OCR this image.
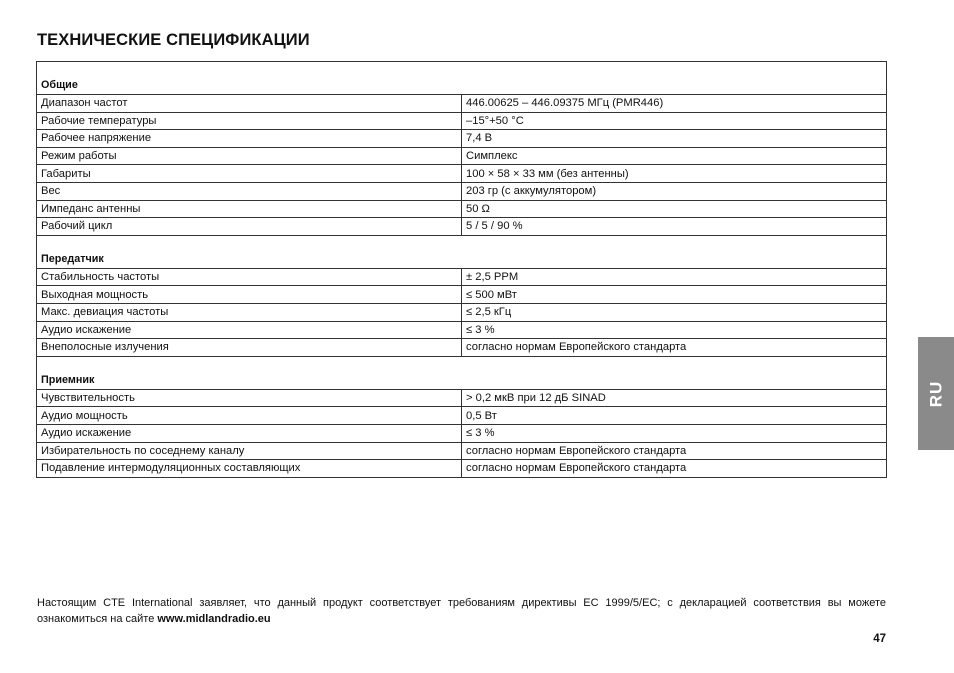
ТЕХНИЧЕСКИЕ СПЕЦИФИКАЦИИ
Общие	
Диапазон частот	446.00625 – 446.09375 МГц (PMR446)
Рабочие температуры	–15°+50 °C
Рабочее напряжение	7,4 В
Режим работы	Симплекс
Габариты	100 × 58 × 33 мм (без антенны)
Вес	203 гр (с аккумулятором)
Импеданс антенны	50 Ω
Рабочий цикл	5 / 5 / 90 %
Передатчик	
Стабильность частоты	± 2,5 PPM
Выходная мощность	≤ 500 мВт
Макс. девиация частоты	≤ 2,5 кГц
Аудио искажение	≤ 3 %
Внеполосные излучения	согласно нормам Европейского стандарта
Приемник	
Чувствительность	> 0,2 мкВ при 12 дБ SINAD
Аудио мощность	0,5 Вт
Аудио искажение	≤ 3 %
Избирательность по соседнему каналу	согласно нормам Европейского стандарта
Подавление интермодуляционных составляющих	согласно нормам Европейского стандарта
RU

Настоящим CTE International заявляет, что данный продукт соответствует требованиям директивы EC 1999/5/EC; с декларацией соответствия вы можете ознакомиться на сайте www.midlandradio.eu

47
